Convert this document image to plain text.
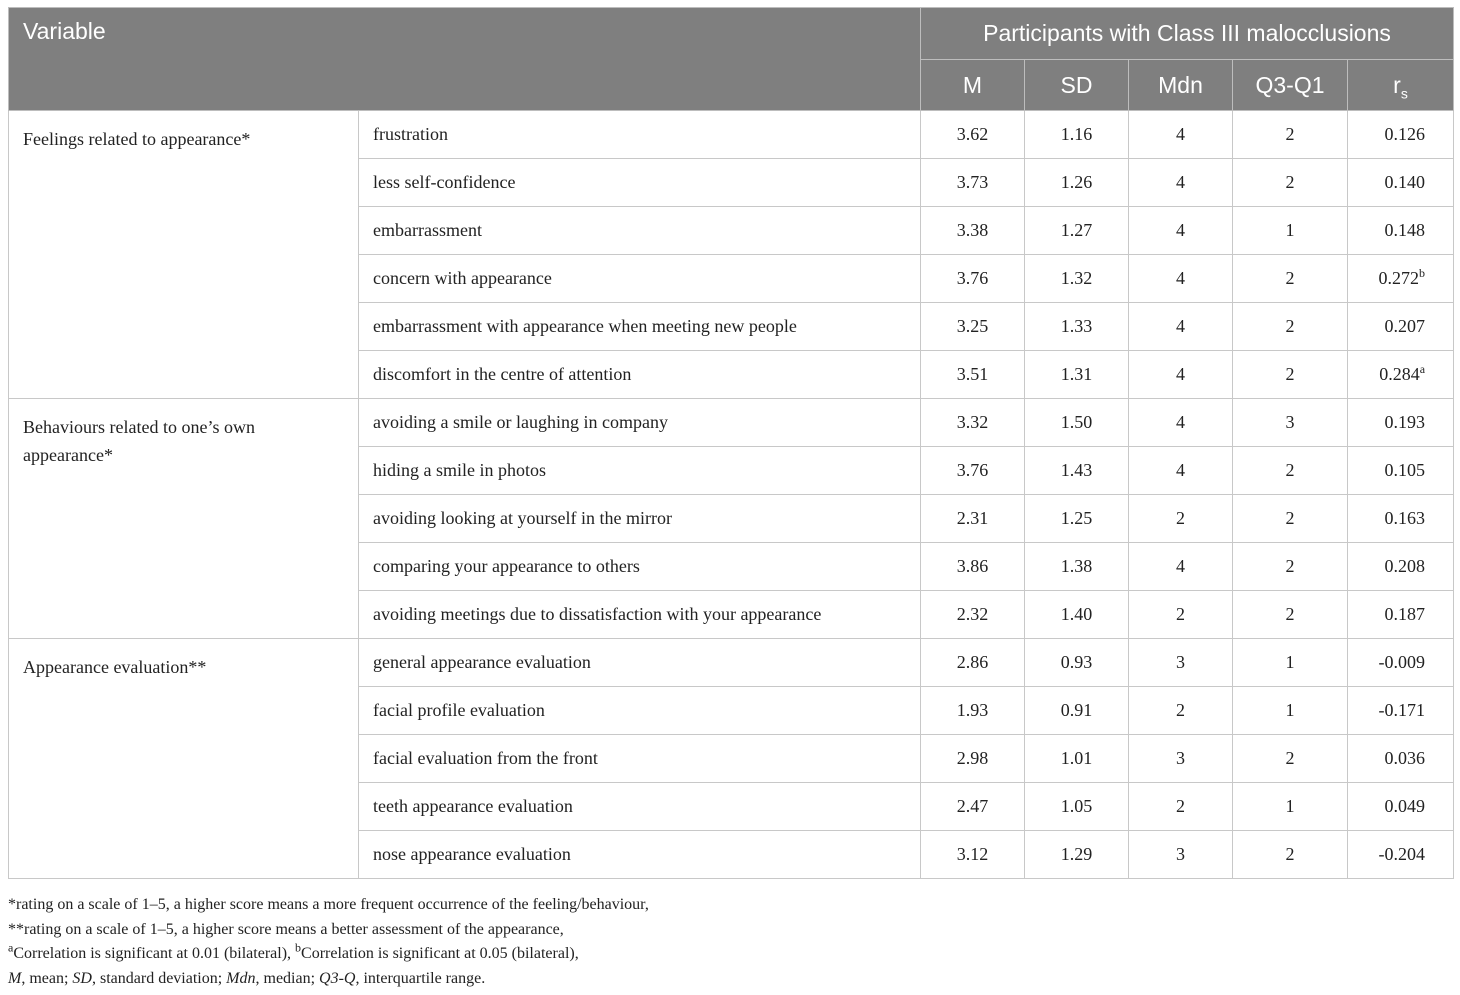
Variable		Participants with Class III malocclusions				
		M	SD	Mdn	Q3-Q1	$r_s$
Feelings related to appearance*	frustration	3.62	1.16	4	2	0.126
	less self-confidence	3.73	1.26	4	2	0.140
	embarrassment	3.38	1.27	4	1	0.148
	concern with appearance	3.76	1.32	4	2	0.272$^b$
	embarrassment with appearance when meeting new people	3.25	1.33	4	2	0.207
	discomfort in the centre of attention	3.51	1.31	4	2	0.284$^a$
Behaviours related to one’s own appearance*	avoiding a smile or laughing in company	3.32	1.50	4	3	0.193
	hiding a smile in photos	3.76	1.43	4	2	0.105
	avoiding looking at yourself in the mirror	2.31	1.25	2	2	0.163
	comparing your appearance to others	3.86	1.38	4	2	0.208
	avoiding meetings due to dissatisfaction with your appearance	2.32	1.40	2	2	0.187
Appearance evaluation**	general appearance evaluation	2.86	0.93	3	1	-0.009
	facial profile evaluation	1.93	0.91	2	1	-0.171
	facial evaluation from the front	2.98	1.01	3	2	0.036
	teeth appearance evaluation	2.47	1.05	2	1	0.049
	nose appearance evaluation	3.12	1.29	3	2	-0.204
*rating on a scale of 1–5, a higher score means a more frequent occurrence of the feeling/behaviour,
**rating on a scale of 1–5, a higher score means a better assessment of the appearance,
$^a$Correlation is significant at 0.01 (bilateral), $^b$Correlation is significant at 0.05 (bilateral),
M, mean; SD, standard deviation; Mdn, median; Q3-Q, interquartile range.
